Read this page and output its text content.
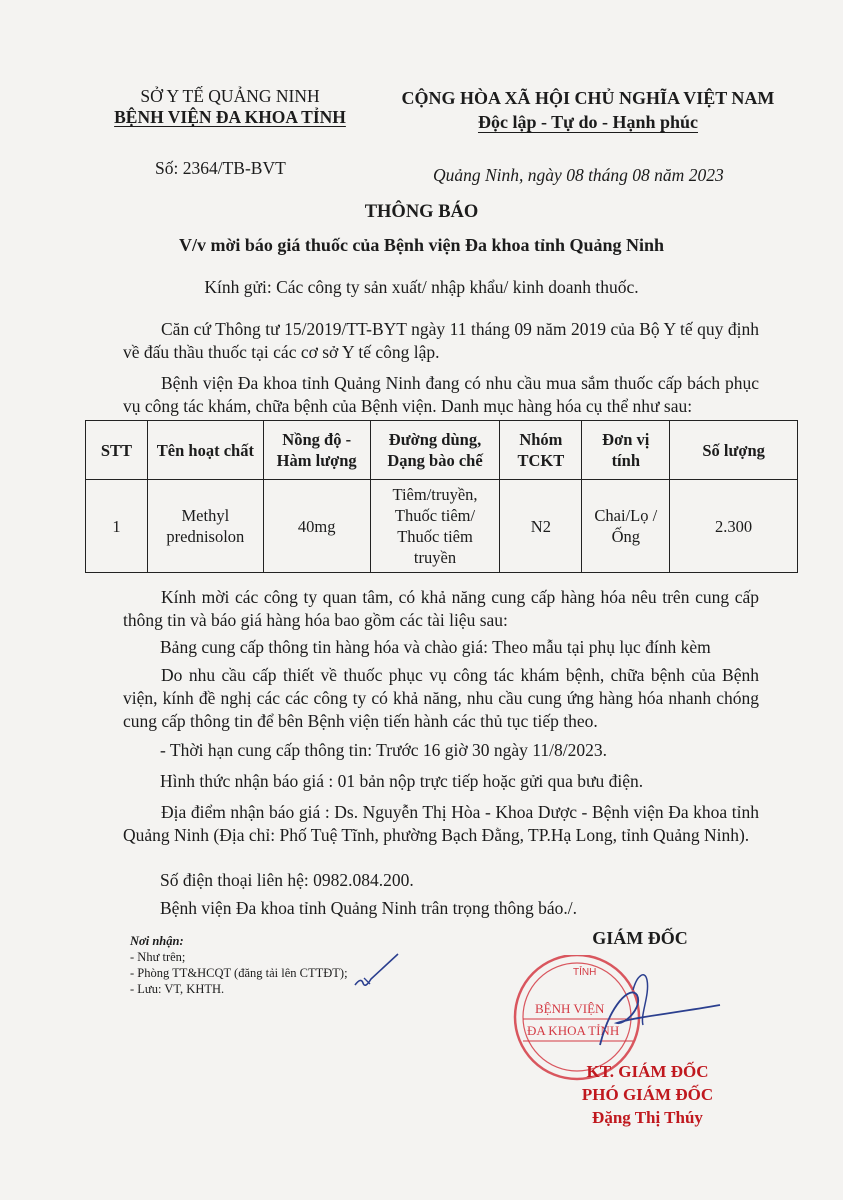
SỞ Y TẾ QUẢNG NINH
BỆNH VIỆN ĐA KHOA TỈNH
CỘNG HÒA XÃ HỘI CHỦ NGHĨA VIỆT NAM
Độc lập - Tự do - Hạnh phúc
Số: 2364/TB-BVT	Quảng Ninh, ngày 08 tháng 08 năm 2023
THÔNG BÁO
V/v mời báo giá thuốc của Bệnh viện Đa khoa tỉnh Quảng Ninh
Kính gửi: Các công ty sản xuất/ nhập khẩu/ kinh doanh thuốc.
Căn cứ Thông tư 15/2019/TT-BYT ngày 11 tháng 09 năm 2019 của Bộ Y tế quy định về đấu thầu thuốc tại các cơ sở Y tế công lập.
Bệnh viện Đa khoa tỉnh Quảng Ninh đang có nhu cầu mua sắm thuốc cấp bách phục vụ công tác khám, chữa bệnh của Bệnh viện. Danh mục hàng hóa cụ thể như sau:
STT	Tên hoạt chất	Nồng độ - Hàm lượng	Đường dùng, Dạng bào chế	Nhóm TCKT	Đơn vị tính	Số lượng
1	Methyl prednisolon	40mg	Tiêm/truyền, Thuốc tiêm/ Thuốc tiêm truyền	N2	Chai/Lọ /Ống	2.300
Kính mời các công ty quan tâm, có khả năng cung cấp hàng hóa nêu trên cung cấp thông tin và báo giá hàng hóa bao gồm các tài liệu sau:
Bảng cung cấp thông tin hàng hóa và chào giá: Theo mẫu tại phụ lục đính kèm
Do nhu cầu cấp thiết về thuốc phục vụ công tác khám bệnh, chữa bệnh của Bệnh viện, kính đề nghị các các công ty có khả năng, nhu cầu cung ứng hàng hóa nhanh chóng cung cấp thông tin để bên Bệnh viện tiến hành các thủ tục tiếp theo.
- Thời hạn cung cấp thông tin: Trước 16 giờ 30 ngày 11/8/2023.
Hình thức nhận báo giá : 01 bản nộp trực tiếp hoặc gửi qua bưu điện.
Địa điểm nhận báo giá : Ds. Nguyễn Thị Hòa - Khoa Dược - Bệnh viện Đa khoa tỉnh Quảng Ninh (Địa chỉ: Phố Tuệ Tĩnh, phường Bạch Đằng, TP.Hạ Long, tỉnh Quảng Ninh).
Số điện thoại liên hệ: 0982.084.200.
Bệnh viện Đa khoa tỉnh Quảng Ninh trân trọng thông báo./.
Nơi nhận:
- Như trên;
- Phòng TT&HCQT (đăng tải lên CTTĐT);
- Lưu: VT, KHTH.
GIÁM ĐỐC
TỈNH
BỆNH VIỆN
ĐA KHOA TỈNH
KT. GIÁM ĐỐC
PHÓ GIÁM ĐỐC
Đặng Thị Thúy
